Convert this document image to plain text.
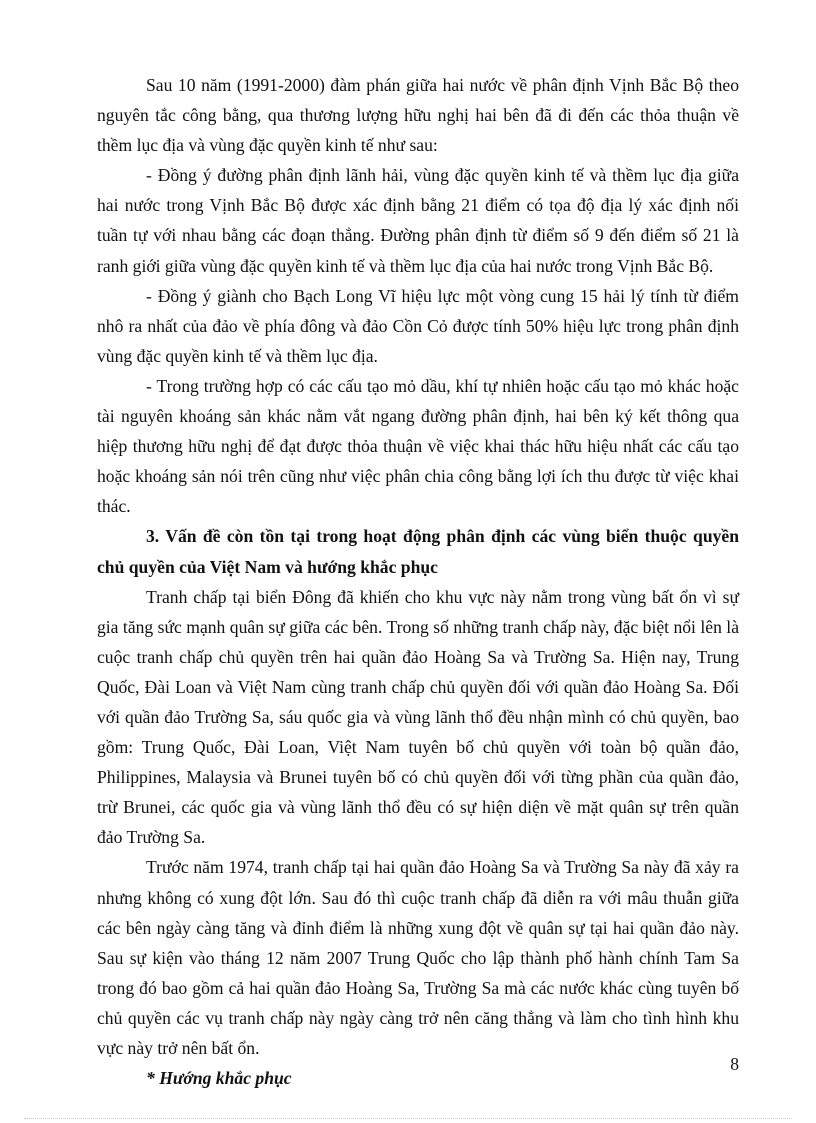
Sau 10 năm (1991-2000) đàm phán giữa hai nước về phân định Vịnh Bắc Bộ theo nguyên tắc công bằng, qua thương lượng hữu nghị hai bên đã đi đến các thỏa thuận về thềm lục địa và vùng đặc quyền kinh tế như sau:

- Đồng ý đường phân định lãnh hải, vùng đặc quyền kinh tế và thềm lục địa giữa hai nước trong Vịnh Bắc Bộ được xác định bằng 21 điểm có tọa độ địa lý xác định nối tuần tự với nhau bằng các đoạn thẳng. Đường phân định từ điểm số 9 đến điểm số 21 là ranh giới giữa vùng đặc quyền kinh tế và thềm lục địa của hai nước trong Vịnh Bắc Bộ.

- Đồng ý giành cho Bạch Long Vĩ hiệu lực một vòng cung 15 hải lý tính từ điểm nhô ra nhất của đảo về phía đông và đảo Cồn Cỏ được tính 50% hiệu lực trong phân định vùng đặc quyền kinh tế và thềm lục địa.

- Trong trường hợp có các cấu tạo mỏ dầu, khí tự nhiên hoặc cấu tạo mỏ khác hoặc tài nguyên khoáng sản khác nằm vắt ngang đường phân định, hai bên ký kết thông qua hiệp thương hữu nghị để đạt được thỏa thuận về việc khai thác hữu hiệu nhất các cấu tạo hoặc khoáng sản nói trên cũng như việc phân chia công bằng lợi ích thu được từ việc khai thác.

3. Vấn đề còn tồn tại trong hoạt động phân định các vùng biển thuộc quyền chủ quyền của Việt Nam và hướng khắc phục

Tranh chấp tại biển Đông đã khiến cho khu vực này nằm trong vùng bất ổn vì sự gia tăng sức mạnh quân sự giữa các bên. Trong số những tranh chấp này, đặc biệt nổi lên là cuộc tranh chấp chủ quyền trên hai quần đảo Hoàng Sa và Trường Sa. Hiện nay, Trung Quốc, Đài Loan và Việt Nam cùng tranh chấp chủ quyền đối với quần đảo Hoàng Sa. Đối với quần đảo Trường Sa, sáu quốc gia và vùng lãnh thổ đều nhận mình có chủ quyền, bao gồm: Trung Quốc, Đài Loan, Việt Nam tuyên bố chủ quyền với toàn bộ quần đảo, Philippines, Malaysia và Brunei tuyên bố có chủ quyền đối với từng phần của quần đảo, trừ Brunei, các quốc gia và vùng lãnh thổ đều có sự hiện diện về mặt quân sự trên quần đảo Trường Sa.

Trước năm 1974, tranh chấp tại hai quần đảo Hoàng Sa và Trường Sa này đã xảy ra nhưng không có xung đột lớn. Sau đó thì cuộc tranh chấp đã diễn ra với mâu thuẫn giữa các bên ngày càng tăng và đỉnh điểm là những xung đột về quân sự tại hai quần đảo này. Sau sự kiện vào tháng 12 năm 2007 Trung Quốc cho lập thành phố hành chính Tam Sa trong đó bao gồm cả hai quần đảo Hoàng Sa, Trường Sa mà các nước khác cùng tuyên bố chủ quyền các vụ tranh chấp này ngày càng trở nên căng thẳng và làm cho tình hình khu vực này trở nên bất ổn.

* Hướng khắc phục

8
